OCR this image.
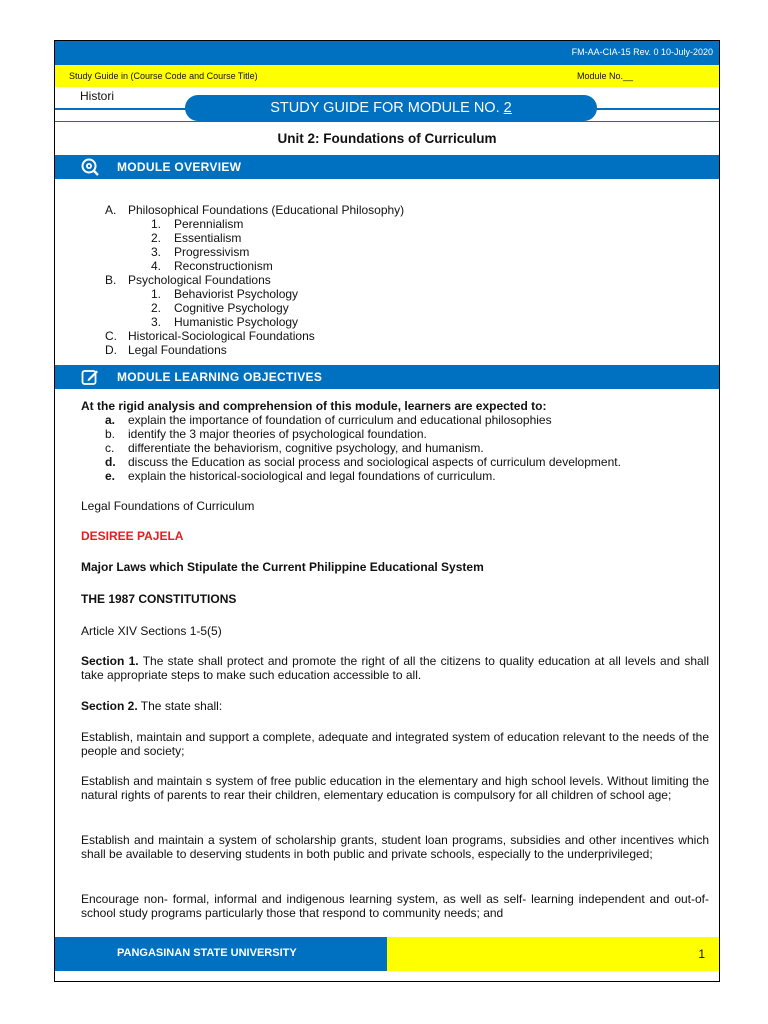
FM-AA-CIA-15 Rev. 0 10-July-2020
Study Guide in (Course Code and Course Title)	Module No.__
Histori
STUDY GUIDE FOR MODULE NO. 2
Unit 2: Foundations of Curriculum
MODULE OVERVIEW
A. Philosophical Foundations (Educational Philosophy)
1.	Perennialism
2.	Essentialism
3.	Progressivism
4.	Reconstructionism
B. Psychological Foundations
1.	Behaviorist Psychology
2.	Cognitive Psychology
3.	Humanistic Psychology
C. Historical-Sociological Foundations
D. Legal Foundations
MODULE LEARNING OBJECTIVES
At the rigid analysis and comprehension of this module, learners are expected to:
a.	explain the importance of foundation of curriculum and educational philosophies
b.	identify the 3 major theories of psychological foundation.
c.	differentiate the behaviorism, cognitive psychology, and humanism.
d.	discuss the Education as social process and sociological aspects of curriculum development.
e.	explain the historical-sociological and legal foundations of curriculum.
Legal Foundations of Curriculum
DESIREE PAJELA
Major Laws which Stipulate the Current Philippine Educational System
THE 1987 CONSTITUTIONS
Article XIV Sections 1-5(5)
Section 1. The state shall protect and promote the right of all the citizens to quality education at all levels and shall take appropriate steps to make such education accessible to all.
Section 2. The state shall:
Establish, maintain and support a complete, adequate and integrated system of education relevant to the needs of the people and society;
Establish and maintain s system of free public education in the elementary and high school levels. Without limiting the natural rights of parents to rear their children, elementary education is compulsory for all children of school age;
Establish and maintain a system of scholarship grants, student loan programs, subsidies and other incentives which shall be available to deserving students in both public and private schools, especially to the underprivileged;
Encourage non- formal, informal and indigenous learning system, as well as self- learning independent and out-of-school study programs particularly those that respond to community needs; and
PANGASINAN STATE UNIVERSITY	1
